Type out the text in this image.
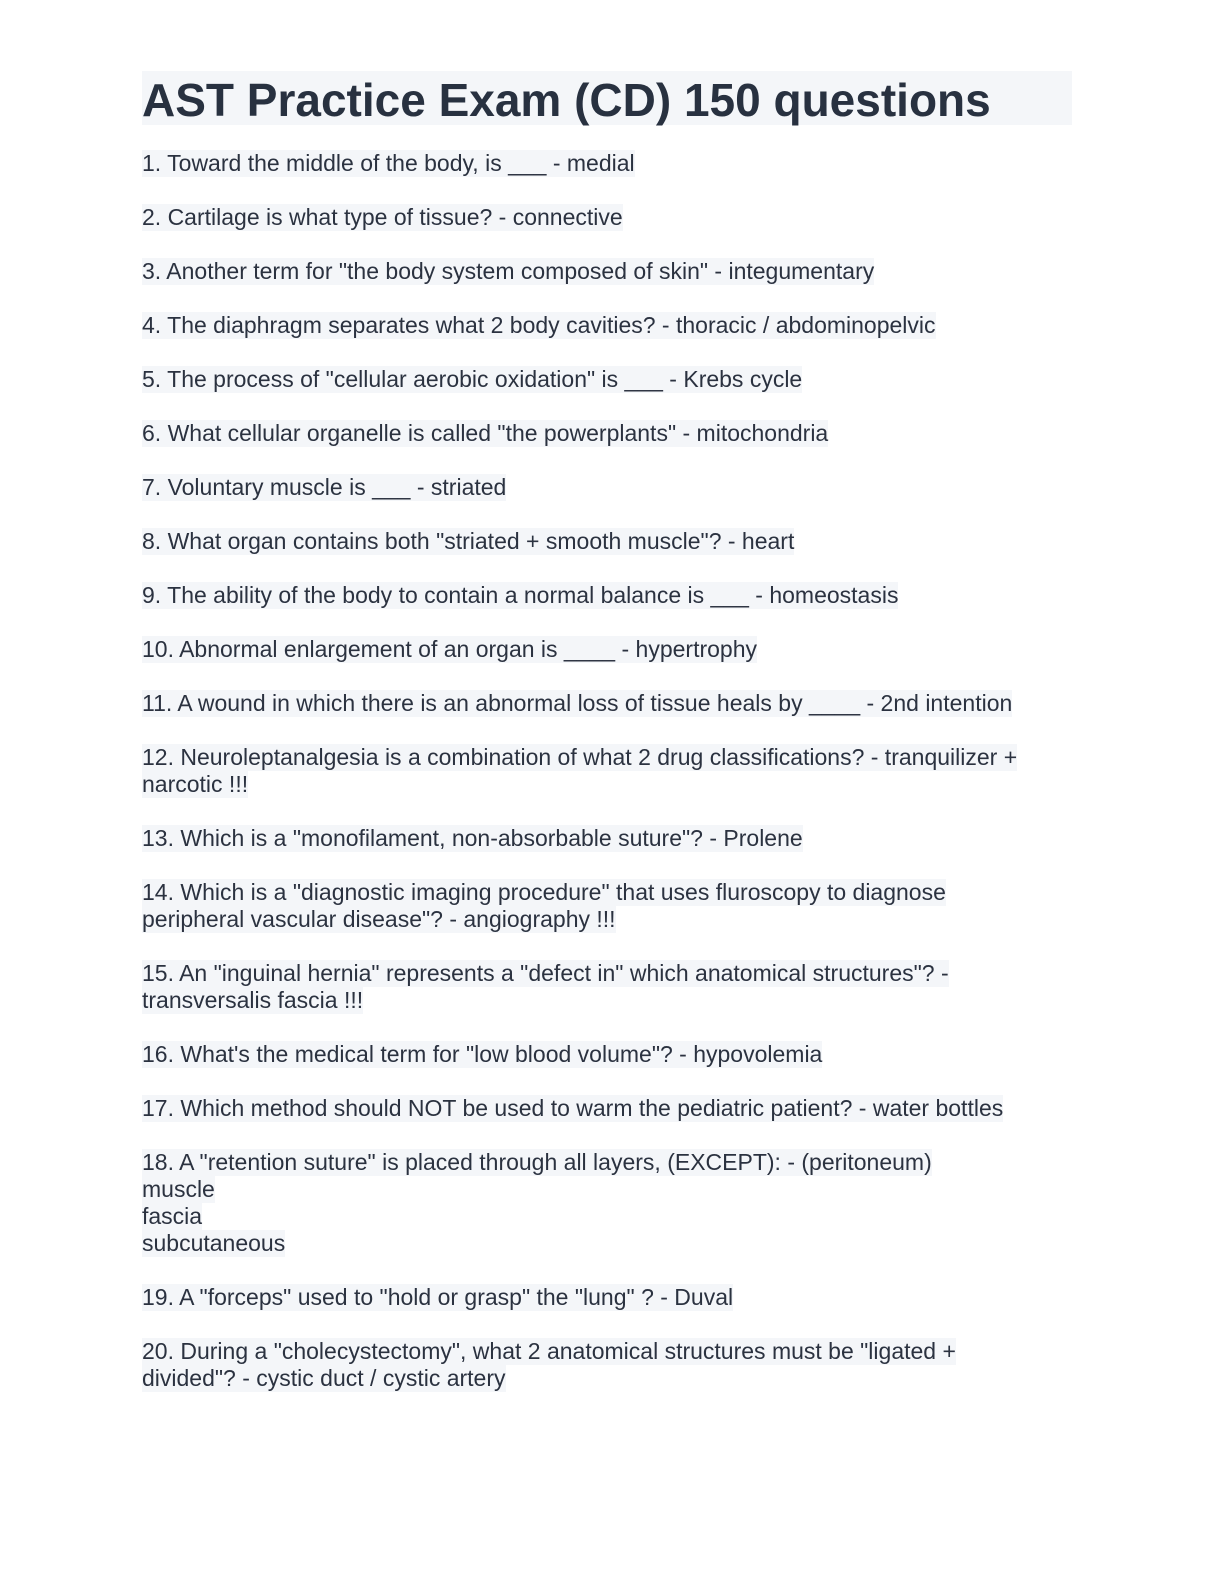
AST Practice Exam (CD) 150 questions
1. Toward the middle of the body, is ___ - medial
2. Cartilage is what type of tissue? - connective
3. Another term for "the body system composed of skin" - integumentary
4. The diaphragm separates what 2 body cavities? - thoracic / abdominopelvic
5. The process of "cellular aerobic oxidation" is ___ - Krebs cycle
6. What cellular organelle is called "the powerplants" - mitochondria
7. Voluntary muscle is ___ - striated
8. What organ contains both "striated + smooth muscle"? - heart
9. The ability of the body to contain a normal balance is ___ - homeostasis
10. Abnormal enlargement of an organ is ____ - hypertrophy
11. A wound in which there is an abnormal loss of tissue heals by ____ - 2nd intention
12. Neuroleptanalgesia is a combination of what 2 drug classifications? - tranquilizer +
narcotic !!!
13. Which is a "monofilament, non-absorbable suture"? - Prolene
14. Which is a "diagnostic imaging procedure" that uses fluroscopy to diagnose
peripheral vascular disease"? - angiography !!!
15. An "inguinal hernia" represents a "defect in" which anatomical structures"? -
transversalis fascia !!!
16. What's the medical term for "low blood volume"? - hypovolemia
17. Which method should NOT be used to warm the pediatric patient? - water bottles
18. A "retention suture" is placed through all layers, (EXCEPT): - (peritoneum)
muscle
fascia
subcutaneous
19. A "forceps" used to "hold or grasp" the "lung" ? - Duval
20. During a "cholecystectomy", what 2 anatomical structures must be "ligated +
divided"? - cystic duct / cystic artery
